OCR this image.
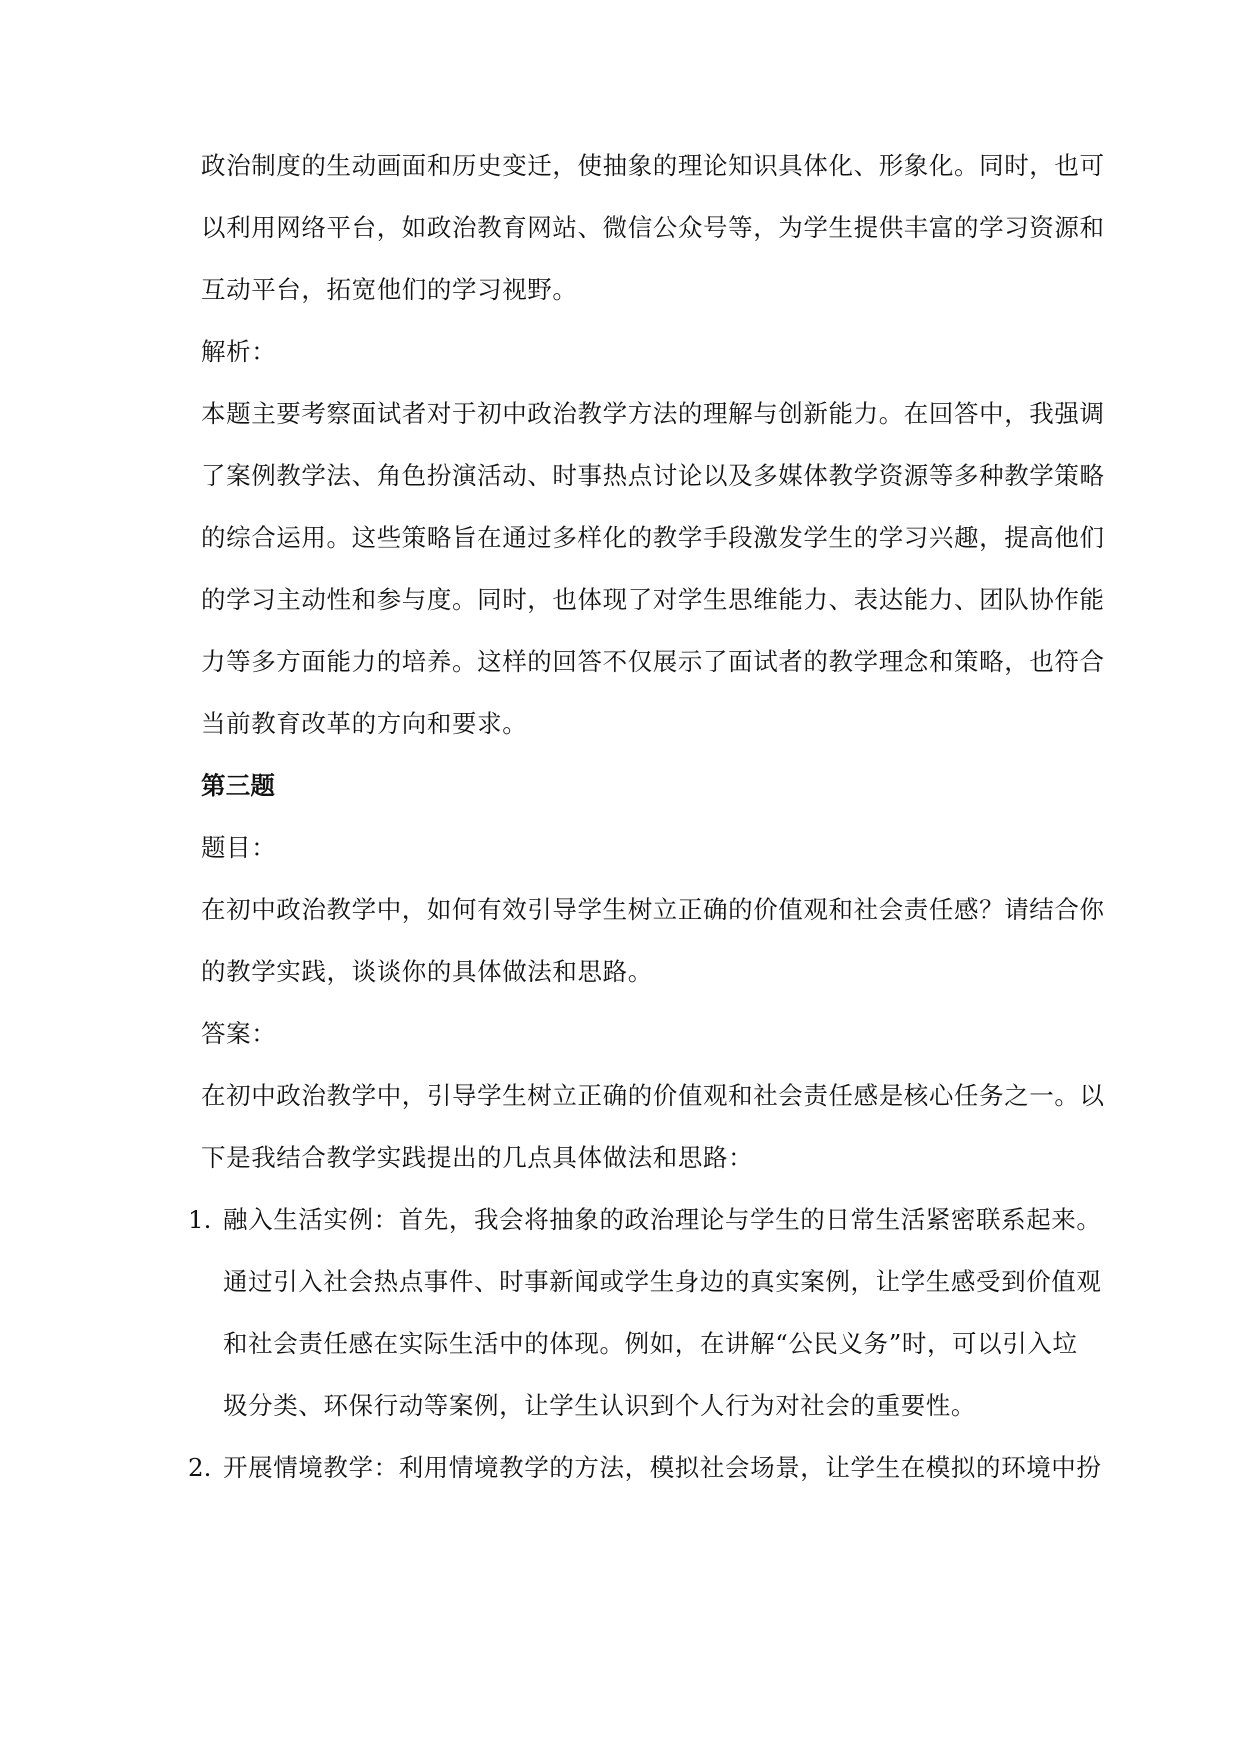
政治制度的生动画面和历史变迁，使抽象的理论知识具体化、形象化。同时，也可
以利用网络平台，如政治教育网站、微信公众号等，为学生提供丰富的学习资源和
互动平台，拓宽他们的学习视野。
解析：
本题主要考察面试者对于初中政治教学方法的理解与创新能力。在回答中，我强调
了案例教学法、角色扮演活动、时事热点讨论以及多媒体教学资源等多种教学策略
的综合运用。这些策略旨在通过多样化的教学手段激发学生的学习兴趣，提高他们
的学习主动性和参与度。同时，也体现了对学生思维能力、表达能力、团队协作能
力等多方面能力的培养。这样的回答不仅展示了面试者的教学理念和策略，也符合
当前教育改革的方向和要求。
第三题
题目：
在初中政治教学中，如何有效引导学生树立正确的价值观和社会责任感？请结合你
的教学实践，谈谈你的具体做法和思路。
答案：
在初中政治教学中，引导学生树立正确的价值观和社会责任感是核心任务之一。以
下是我结合教学实践提出的几点具体做法和思路：
1. 融入生活实例：首先，我会将抽象的政治理论与学生的日常生活紧密联系起来。
通过引入社会热点事件、时事新闻或学生身边的真实案例，让学生感受到价值观
和社会责任感在实际生活中的体现。例如，在讲解“公民义务”时，可以引入垃
圾分类、环保行动等案例，让学生认识到个人行为对社会的重要性。
2. 开展情境教学：利用情境教学的方法，模拟社会场景，让学生在模拟的环境中扮
